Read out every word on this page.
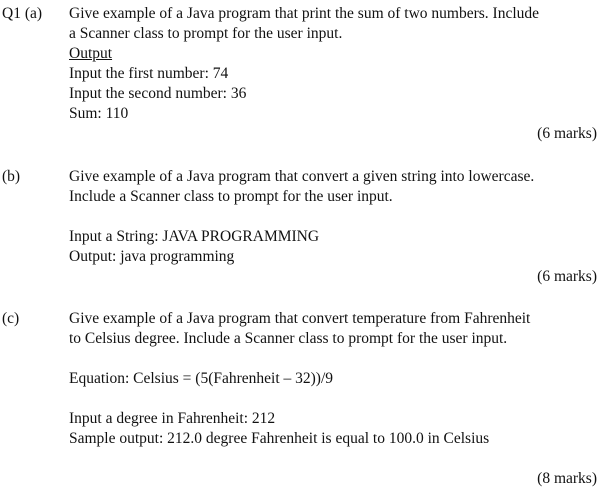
Q1 (a) Give example of a Java program that print the sum of two numbers. Include
a Scanner class to prompt for the user input.
Output
Input the first number: 74
Input the second number: 36
Sum: 110
(6 marks)
(b)	Give example of a Java program that convert a given string into lowercase.
Include a Scanner class to prompt for the user input.
Input a String: JAVA PROGRAMMING
Output: java programming
(6 marks)
(c)	Give example of a Java program that convert temperature from Fahrenheit
to Celsius degree. Include a Scanner class to prompt for the user input.
Equation: Celsius = (5(Fahrenheit – 32))/9
Input a degree in Fahrenheit: 212
Sample output: 212.0 degree Fahrenheit is equal to 100.0 in Celsius
(8 marks)
